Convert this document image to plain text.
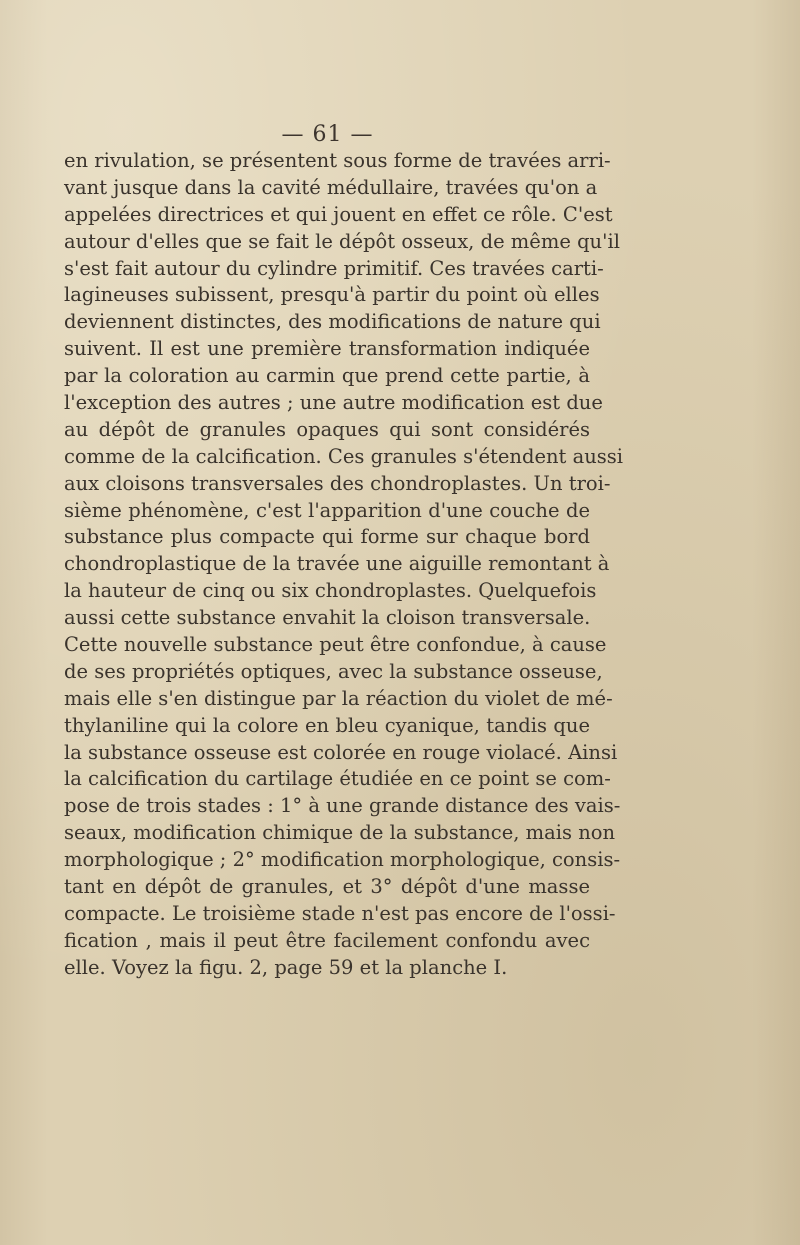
— 61 —
en rivulation, se présentent sous forme de travées arri-
vant jusque dans la cavité médullaire, travées qu'on a
appelées directrices et qui jouent en effet ce rôle. C'est
autour d'elles que se fait le dépôt osseux, de même qu'il
s'est fait autour du cylindre primitif. Ces travées carti-
lagineuses subissent, presqu'à partir du point où elles
deviennent distinctes, des modifications de nature qui
suivent. Il est une première transformation indiquée
par la coloration au carmin que prend cette partie, à
l'exception des autres ; une autre modification est due
au dépôt de granules opaques qui sont considérés
comme de la calcification. Ces granules s'étendent aussi
aux cloisons transversales des chondroplastes. Un troi-
sième phénomène, c'est l'apparition d'une couche de
substance plus compacte qui forme sur chaque bord
chondroplastique de la travée une aiguille remontant à
la hauteur de cinq ou six chondroplastes. Quelquefois
aussi cette substance envahit la cloison transversale.
Cette nouvelle substance peut être confondue, à cause
de ses propriétés optiques, avec la substance osseuse,
mais elle s'en distingue par la réaction du violet de mé-
thylaniline qui la colore en bleu cyanique, tandis que
la substance osseuse est colorée en rouge violacé. Ainsi
la calcification du cartilage étudiée en ce point se com-
pose de trois stades : 1° à une grande distance des vais-
seaux, modification chimique de la substance, mais non
morphologique ; 2° modification morphologique, consis-
tant en dépôt de granules, et 3° dépôt d'une masse
compacte. Le troisième stade n'est pas encore de l'ossi-
fication , mais il peut être facilement confondu avec
elle. Voyez la figu. 2, page 59 et la planche I.
